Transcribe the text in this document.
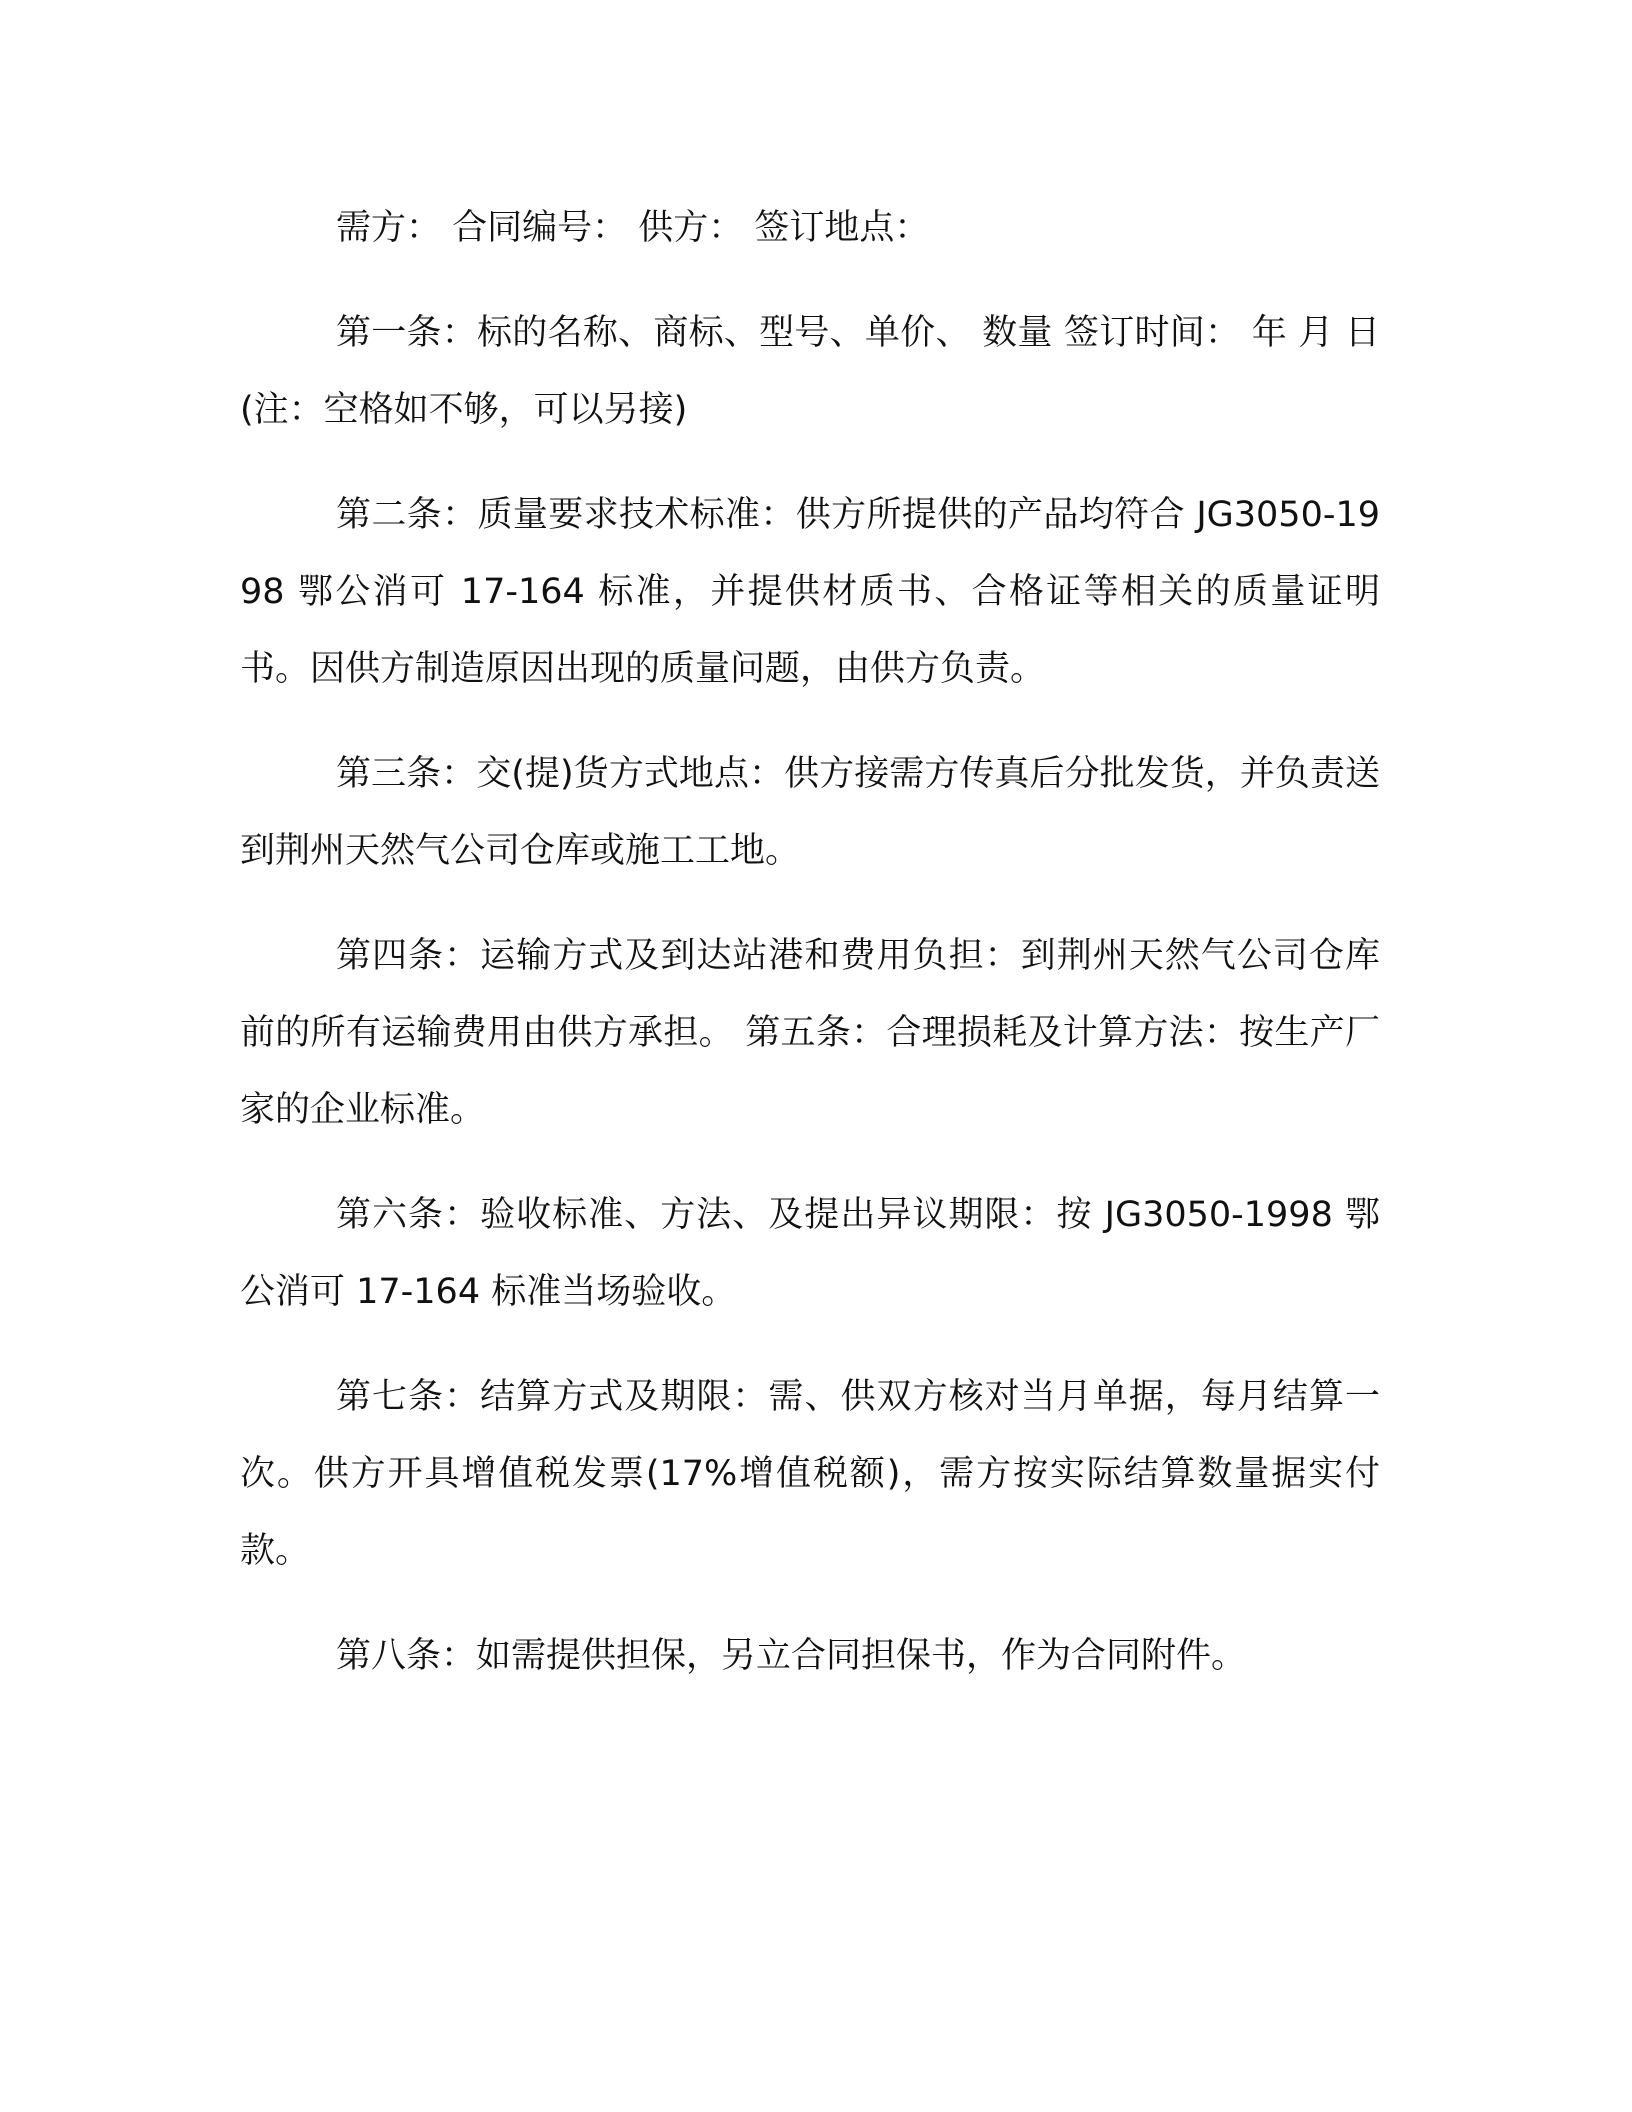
需方： 合同编号： 供方： 签订地点：

第一条：标的名称、商标、型号、单价、 数量 签订时间： 年 月 日(注：空格如不够，可以另接)

第二条：质量要求技术标准：供方所提供的产品均符合 JG3050-1998 鄂公消可 17-164 标准，并提供材质书、合格证等相关的质量证明书。因供方制造原因出现的质量问题，由供方负责。

第三条：交(提)货方式地点：供方接需方传真后分批发货，并负责送到荆州天然气公司仓库或施工工地。

第四条：运输方式及到达站港和费用负担：到荆州天然气公司仓库前的所有运输费用由供方承担。 第五条：合理损耗及计算方法：按生产厂家的企业标准。

第六条：验收标准、方法、及提出异议期限：按 JG3050-1998 鄂公消可 17-164 标准当场验收。

第七条：结算方式及期限：需、供双方核对当月单据，每月结算一次。供方开具增值税发票(17%增值税额)，需方按实际结算数量据实付款。

第八条：如需提供担保，另立合同担保书，作为合同附件。
